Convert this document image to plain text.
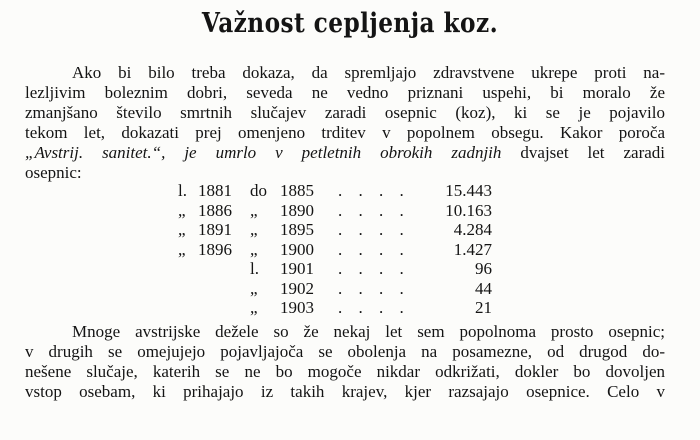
Važnost cepljenja koz.
Ako bi bilo treba dokaza, da spremljajo zdravstvene ukrepe proti na-
lezljivim boleznim dobri, seveda ne vedno priznani uspehi, bi moralo že
zmanjšano število smrtnih slučajev zaradi osepnic (koz), ki se je pojavilo
tekom let, dokazati prej omenjeno trditev v popolnem obsegu. Kakor poroča
„Avstrij. sanitet.“, je umrlo v petletnih obrokih zadnjih dvajset let zaradi
osepnic:
l. 1881	do 1885	. . . .	15.443
„ 1886	„	1890	. . . .	10.163
„ 1891	„	1895	. . . .	4.284
„ 1896	„	1900	. . . .	1.427
l.	1901	. . . .	96
„	1902	. . . .	44
„	1903	. . . .	21
Mnoge avstrijske dežele so že nekaj let sem popolnoma prosto osepnic;
v drugih se omejujejo pojavljajoča se obolenja na posamezne, od drugod do-
nešene slučaje, katerih se ne bo mogoče nikdar odkrižati, dokler bo dovoljen
vstop osebam, ki prihajajo iz takih krajev, kjer razsajajo osepnice. Celo v
